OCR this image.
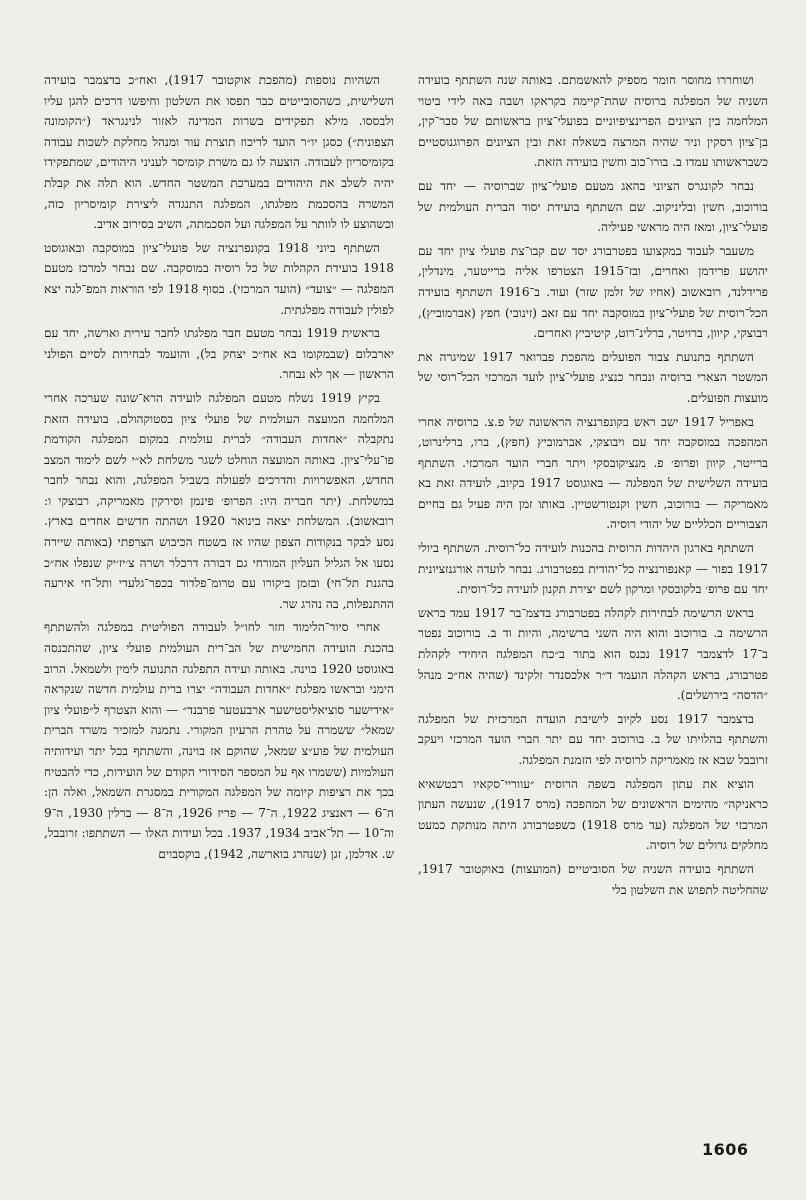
ושוחררו מחוסר חומר מספיק להאשמתם. באותה שנה השתתף בועידה השניה של המפלגה ברוסיה שהת־קיימה בקראקו ושבה באה לידי ביטוי המלחמה בין הציונים הפרינציפיוניים בפועלי־ציון בראשותם של סבר־קין, בן־ציון רסקין וניר שהיה המרצה בשאלה זאת ובין הציונים הפרוגנוסטיים כשבראשותו עמדו ב. בורו־כוב וחשין בועידה הזאת.

נבחר לקונגרס הציוני בהאג מטעם פועלי־ציון שברוסיה — יחד עם בורוכוב, חשין ובליניקוב. שם השתתף בועידת יסוד הברית העולמית של פועלי־ציון, ומאז היה מראשי פעיליה.

משעבר לעבוד במקצועו בפטרבורג יסד שם קבו־צת פועלי ציון יחד עם יהושע פרידמן ואחרים, ובז־1915 הצטרפו אליה ברייטער, מינדלין, פרידלנד, רובאשוב (אחיו של זלמן שזר) ועוד. ב־1916 השתתף בועידה הכל־רוסית של פועלי־ציון במוסקבה יחד עם זאב (זינובי) חפץ (אברמוביץ), רבוצקי, קיוון, ברויטר, ברלינ־רוט, קיטיביץ ואחרים.

השתתף בתנועת צבור הפועלים מהפכת פברואר 1917 שמיגרה את המשטר הצארי ברוסיה ונבחר כנציג פועלי־ציון לועד המרכזי הכל־רוסי של מועצות הפועלים.

באפריל 1917 ישב ראש בקונפרנציה הראשונה של פ.צ. ברוסיה אחרי המהפכה במוסקבה יחד עם ויבוצקי, אברמוביץ (חפץ), ברו, ברלינרוט, ברייטר, קיוון ופרופ׳ פ. מנציקובסקי ויתר חברי הועד המרכזי. השתתף בועידה השלישית של המפלגה — באוגוסט 1917 בקיוב, לועידה זאת בא מאמריקה — בורוכוב, חשין וקנטורשטיין. באותו זמן היה פעיל גם בחיים הצבוריים הכלליים של יהודי רוסיה.

השתתף בארגון היהדות הרוסית בהכנות לועידה כל־רוסית. השתתף ביולי 1917 בפור — קאנפורנציה כל־יהודית בפטרבורג. נבחר לועדה אורגנזציונית יחד עם פרופ׳ בלקובסקי ומרקון לשם יצירת תקנון לועידה כל־רוסית.

בראש הרשימה לבחירות לקהלה בפטרבורג בדצמ־בר 1917 עמד בראש הרשימה ב. בורוכוב והוא היה השני ברשימה, והיות וד ב. בורוכוב נפטר ב־17 לדצמבר 1917 נכנס הוא בתור ב״כח המפלגה היחידי לקהלת פטרבורג, בראש הקהלה הועמד ד״ר אלכסנדר זלקינד (שהיה אח״כ מנהל ״הדסה״ בירושלים).

בדצמבר 1917 נסע לקיוב לישיבת הועדה המרכזית של המפלגה והשתתף בהלויתו של ב. בורוכוב יחד עם יתר חברי הועד המרכזי ויעקב זרובבל שבא אז מאמריקה לרוסיה לפי הזמנת המפלגה.

הוציא את עתון המפלגה בשפה הרוסית ״עווריי־סקאיו רבטשאיא כראניקה״ מהימים הראשונים של המהפכה (מרס 1917), שנעשה העתון המרכזי של המפלגה (עד מרס 1918) כשפטרבורג היתה מנותקת כמעט מחלקים גדולים של רוסיה.

השתתף בועידה השניה של הסוביטיים (המועצות) באוקטובר 1917, שהחליטה לתפוש את השלטון בלי

השהיות נוספות (מהפכת אוקטובר 1917), ואח״כ בדצמבר בועידה השלישית, כשהסובייטים כבר תפסו את השלטון וחיפשו דרכים להגן עליו ולבססו. מילא תפקידים בשרות המדינה לאזור לנינגראד (״הקומונה הצפונית״) כסגן יו״ר הועד לריכוז תוצרת עור ומנהל מחלקת לשכות עבודה בקומיסריון לעבודה. הוצעה לו גם משרת קומיסר לעניני היהודים, שמתפקידו יהיה לשלב את היהודים במערכת המשטר החדש. הוא תלה את קבלת המשרה בהסכמת מפלגתו, המפלגה התנגדה ליצירת קומיסריון כזה, וכשהוצע לו לוותר על המפלגה ועל הסכמתה, השיב בסירוב אדיב.

השתתף ביוני 1918 בקונפרנציה של פועלי־ציון במוסקבה ובאוגוסט 1918 בועידת הקהלות של כל רוסיה במוסקבה. שם נבחר למרכז מטעם המפלגה — ״צועד״ (הועד המרכזי). בסוף 1918 לפי הוראות המפ־לגה יצא לפולין לעבודה מפלגתית.

בראשית 1919 נבחר מטעם חבר מפלגתו לחבר עירית וארשה, יחד עם יארבלום (שבמקומו בא אח״כ יצחק בל), והועמד לבחירות לסיים הפולני הראשון — אך לא נבחר.

בקיץ 1919 נשלח מטעם המפלגה לועידה הרא־שונה שערכה אחרי המלחמה המועצה העולמית של פועלי ציון בסטוקהולם. בועידה הזאת נתקבלה ״אחדות העבודה״ לברית עולמית במקום המפלגה הקודמת פו־עלי־ציון. באותה המועצה הוחלט לשגר משלחת לא״י לשם לימוד המצב החדש, האפשרויות והדרכים לפעולה בשביל המפלגה, והוא נבחר לחבר במשלחת. (יתר חבריה היו: הפרופ׳ פינמן וסירקין מאמריקה, רבוצקי ו: רובאשוב). המשלחת יצאה בינואר 1920 ושהתה חדשים אחדים בארץ. נסע לבקר בנקודות הצפון שהיו אז בשטח הכיבוש הצרפתי (באותה שיירה נסעו אל הגליל העליון המורחי גם דבורה דרכלר ושרה צ׳יז׳יק שנפלו אח״כ בהגנת תל־חי) ובזמן ביקורו עם טרומ־פלדור בכפר־גלעדי ותל־חי אירעה ההתנפלות, בה נהרג שר.

אחרי סיור־הלימוד חזר לחו״ל לעבודה הפוליטית במפלגה ולהשתתף בהכנת הועידה החמישית של הב־רית העולמית פועלי ציון, שהתכנסה באוגוסט 1920 בוינה. באותה ועידה התפלגה התנועה לימין ולשמאל. הרוב הימני ובראשו מפלגת ״אחדות העבודה״ יצרו ברית עולמית חדשה שנקראה ״אידישער סוציאליסטישער ארבעטער פרבנד״ — והוא הצטרף ל״פועלי ציון שמאל״ ששמרה על טהרת הרעיון המקורי. נתמנה למזכיר משרד הברית העולמית של פוע״צ שמאל, שהוקם אז בוינה, והשתתף בכל יתר ועידותיה העולמיות (ששמרו אף על המספר הסידורי הקודם של הועידות, כדי להבטיח בכך את רציפות קיומה של המפלגה המקורית במסגרת השמאל, ואלה הן: ה־6 — דאנציג 1922, ה־7 — פריז 1926, ה־8 — ברלין 1930, ה־9 וה־10 — תל־אביב 1934, 1937. בכל ועידות האלו — השתתפו: זרובבל, ש. אדלמן, זגן (שנהרג בוארשה, 1942), בוקסבוים

1606
